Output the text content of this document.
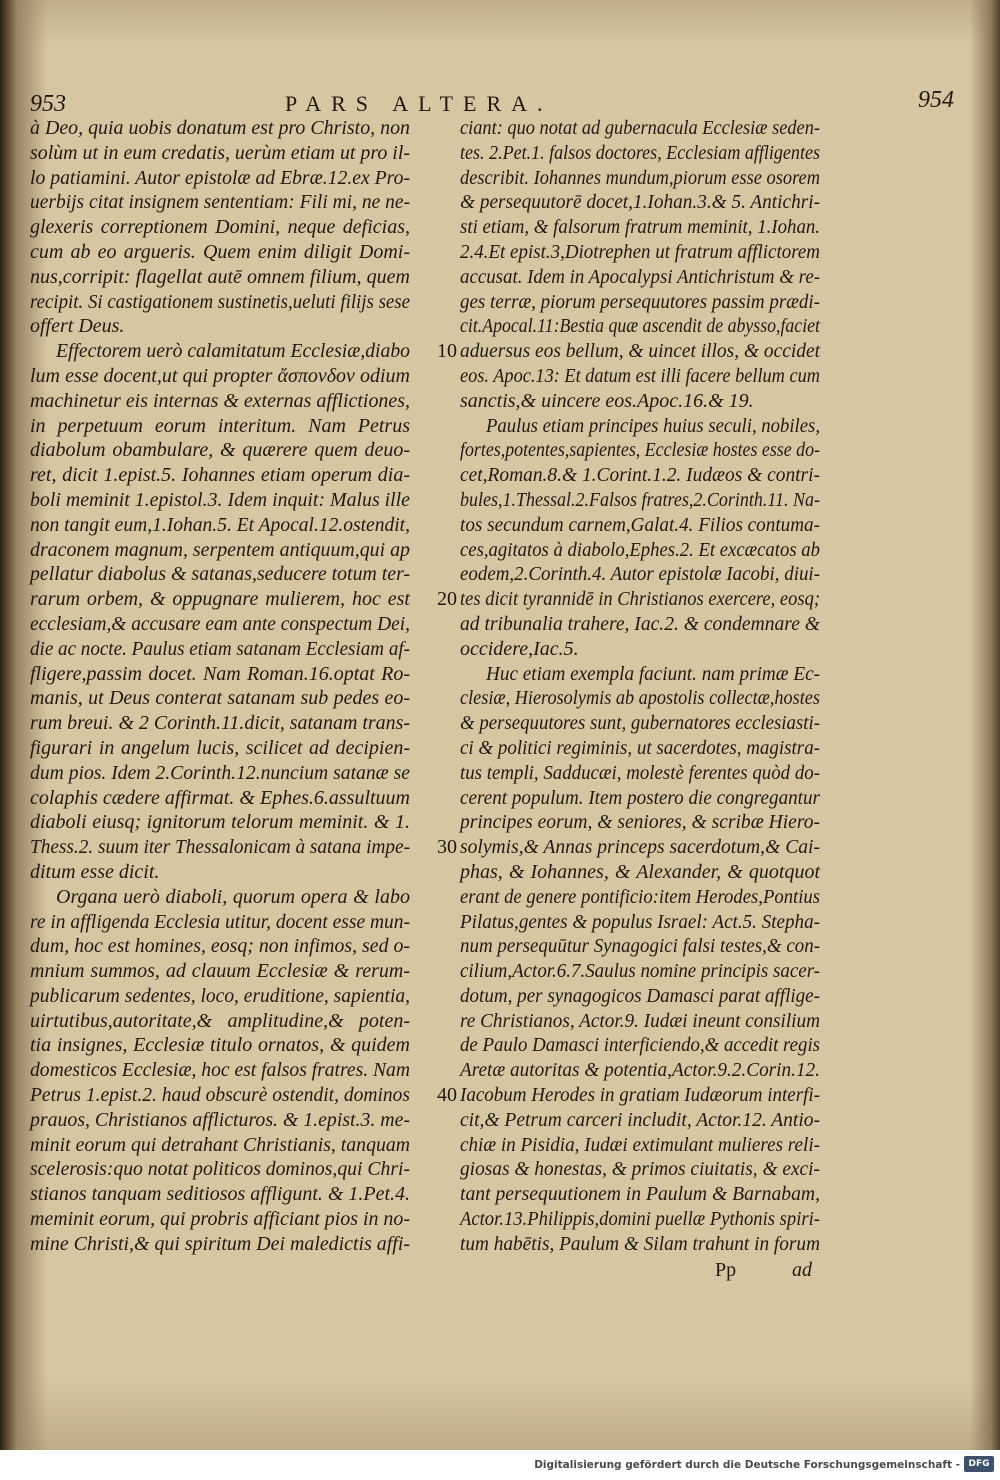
953	PARS ALTERA.	954
à Deo, quia uobis donatum est pro Christo, non
solùm ut in eum credatis, uerùm etiam ut pro il-
lo patiamini. Autor epistolæ ad Ebræ.12.ex Pro-
uerbijs citat insignem sententiam: Fili mi, ne ne-
glexeris correptionem Domini, neque deficias,
cum ab eo argueris. Quem enim diligit Domi-
nus,corripit: flagellat autē omnem filium, quem
recipit. Si castigationem sustinetis,ueluti filijs sese
offert Deus.
Effectorem uerò calamitatum Ecclesiæ,diabo
lum esse docent,ut qui propter ἄσπονδον odium
machinetur eis internas & externas afflictiones,
in perpetuum eorum interitum. Nam Petrus
diabolum obambulare, & quærere quem deuo-
ret, dicit 1.epist.5. Iohannes etiam operum dia-
boli meminit 1.epistol.3. Idem inquit: Malus ille
non tangit eum,1.Iohan.5. Et Apocal.12.ostendit,
draconem magnum, serpentem antiquum,qui ap
pellatur diabolus & satanas,seducere totum ter-
rarum orbem, & oppugnare mulierem, hoc est
ecclesiam,& accusare eam ante conspectum Dei,
die ac nocte. Paulus etiam satanam Ecclesiam af-
fligere,passim docet. Nam Roman.16.optat Ro-
manis, ut Deus conterat satanam sub pedes eo-
rum breui. & 2 Corinth.11.dicit, satanam trans-
figurari in angelum lucis, scilicet ad decipien-
dum pios. Idem 2.Corinth.12.nuncium satanæ se
colaphis cædere affirmat. & Ephes.6.assultuum
diaboli eiusq; ignitorum telorum meminit. & 1.
Thess.2. suum iter Thessalonicam à satana impe-
ditum esse dicit.
Organa uerò diaboli, quorum opera & labo
re in affligenda Ecclesia utitur, docent esse mun-
dum, hoc est homines, eosq; non infimos, sed o-
mnium summos, ad clauum Ecclesiæ & rerum-
publicarum sedentes, loco, eruditione, sapientia,
uirtutibus,autoritate,& amplitudine,& poten-
tia insignes, Ecclesiæ titulo ornatos, & quidem
domesticos Ecclesiæ, hoc est falsos fratres. Nam
Petrus 1.epist.2. haud obscurè ostendit, dominos
prauos, Christianos afflicturos. & 1.epist.3. me-
minit eorum qui detrahant Christianis, tanquam
scelerosis:quo notat politicos dominos,qui Chri-
stianos tanquam seditiosos affligunt. & 1.Pet.4.
meminit eorum, qui probris afficiant pios in no-
mine Christi,& qui spiritum Dei maledictis affi-
10
20
30
40
ciant: quo notat ad gubernacula Ecclesiæ seden-
tes. 2.Pet.1. falsos doctores, Ecclesiam affligentes
describit. Iohannes mundum,piorum esse osorem
& persequutorē docet,1.Iohan.3.& 5. Antichri-
sti etiam, & falsorum fratrum meminit, 1.Iohan.
2.4.Et epist.3,Diotrephen ut fratrum afflictorem
accusat. Idem in Apocalypsi Antichristum & re-
ges terræ, piorum persequutores passim prædi-
cit.Apocal.11:Bestia quæ ascendit de abysso,faciet
aduersus eos bellum, & uincet illos, & occidet
eos. Apoc.13: Et datum est illi facere bellum cum
sanctis,& uincere eos.Apoc.16.& 19.
Paulus etiam principes huius seculi, nobiles,
fortes,potentes,sapientes, Ecclesiæ hostes esse do-
cet,Roman.8.& 1.Corint.1.2. Iudæos & contri-
bules,1.Thessal.2.Falsos fratres,2.Corinth.11. Na-
tos secundum carnem,Galat.4. Filios contuma-
ces,agitatos à diabolo,Ephes.2. Et excæcatos ab
eodem,2.Corinth.4. Autor epistolæ Iacobi, diui-
tes dicit tyrannidē in Christianos exercere, eosq;
ad tribunalia trahere, Iac.2. & condemnare &
occidere,Iac.5.
Huc etiam exempla faciunt. nam primæ Ec-
clesiæ, Hierosolymis ab apostolis collectæ,hostes
& persequutores sunt, gubernatores ecclesiasti-
ci & politici regiminis, ut sacerdotes, magistra-
tus templi, Sadducæi, molestè ferentes quòd do-
cerent populum. Item postero die congregantur
principes eorum, & seniores, & scribæ Hiero-
solymis,& Annas princeps sacerdotum,& Cai-
phas, & Iohannes, & Alexander, & quotquot
erant de genere pontificio:item Herodes,Pontius
Pilatus,gentes & populus Israel: Act.5. Stepha-
num persequūtur Synagogici falsi testes,& con-
cilium,Actor.6.7.Saulus nomine principis sacer-
dotum, per synagogicos Damasci parat afflige-
re Christianos, Actor.9. Iudæi ineunt consilium
de Paulo Damasci interficiendo,& accedit regis
Aretæ autoritas & potentia,Actor.9.2.Corin.12.
Iacobum Herodes in gratiam Iudæorum interfi-
cit,& Petrum carceri includit, Actor.12. Antio-
chiæ in Pisidia, Iudæi extimulant mulieres reli-
giosas & honestas, & primos ciuitatis, & exci-
tant persequutionem in Paulum & Barnabam,
Actor.13.Philippis,domini puellæ Pythonis spiri-
tum habētis, Paulum & Silam trahunt in forum
Pp	ad
Digitalisierung gefördert durch die Deutsche Forschungsgemeinschaft - DFG
